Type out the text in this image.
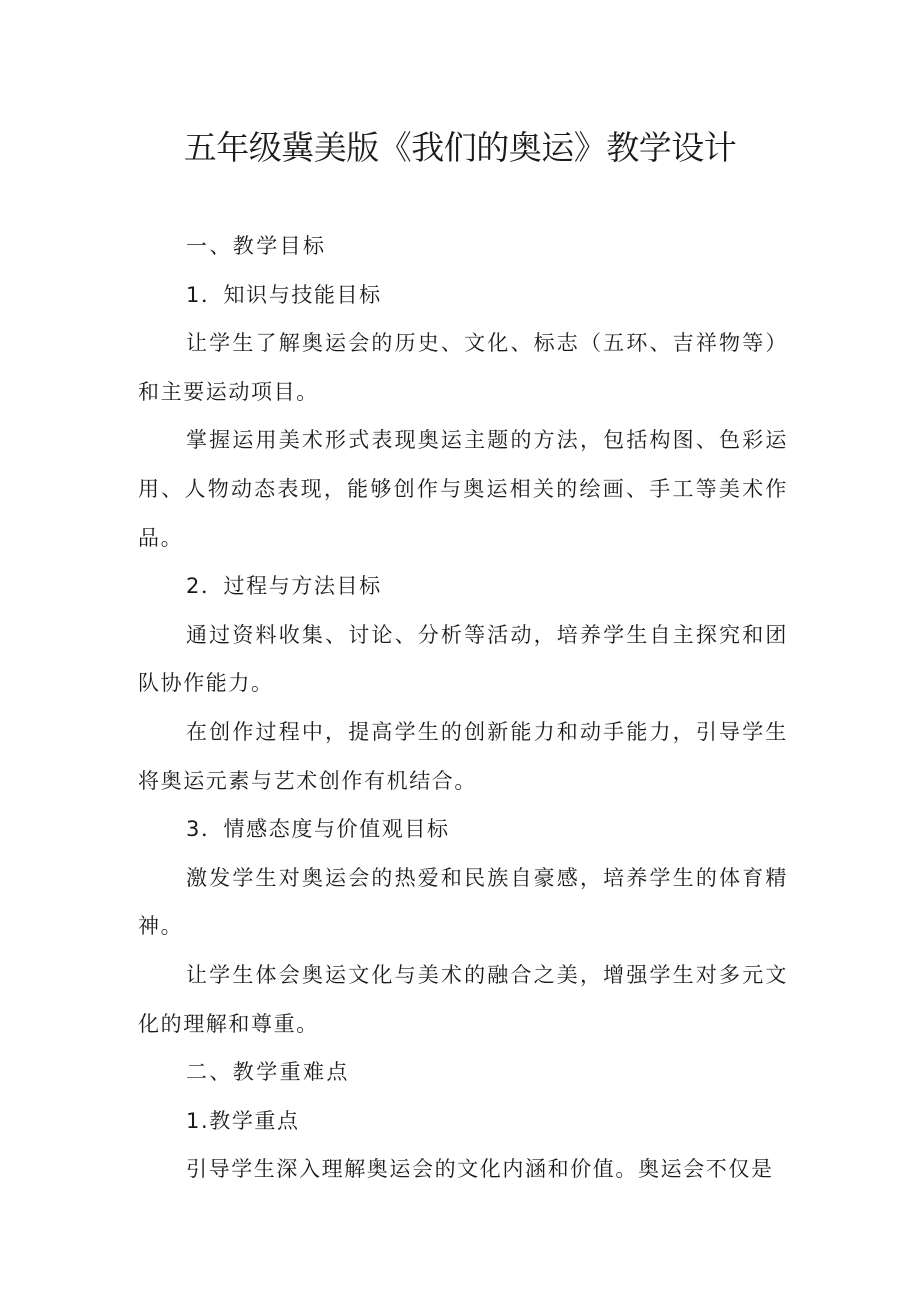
五年级冀美版《我们的奥运》教学设计

一、教学目标

1．知识与技能目标

让学生了解奥运会的历史、文化、标志（五环、吉祥物等）和主要运动项目。

掌握运用美术形式表现奥运主题的方法，包括构图、色彩运用、人物动态表现，能够创作与奥运相关的绘画、手工等美术作品。

2．过程与方法目标

通过资料收集、讨论、分析等活动，培养学生自主探究和团队协作能力。

在创作过程中，提高学生的创新能力和动手能力，引导学生将奥运元素与艺术创作有机结合。

3．情感态度与价值观目标

激发学生对奥运会的热爱和民族自豪感，培养学生的体育精神。

让学生体会奥运文化与美术的融合之美，增强学生对多元文化的理解和尊重。

二、教学重难点

1.教学重点

引导学生深入理解奥运会的文化内涵和价值。奥运会不仅是
